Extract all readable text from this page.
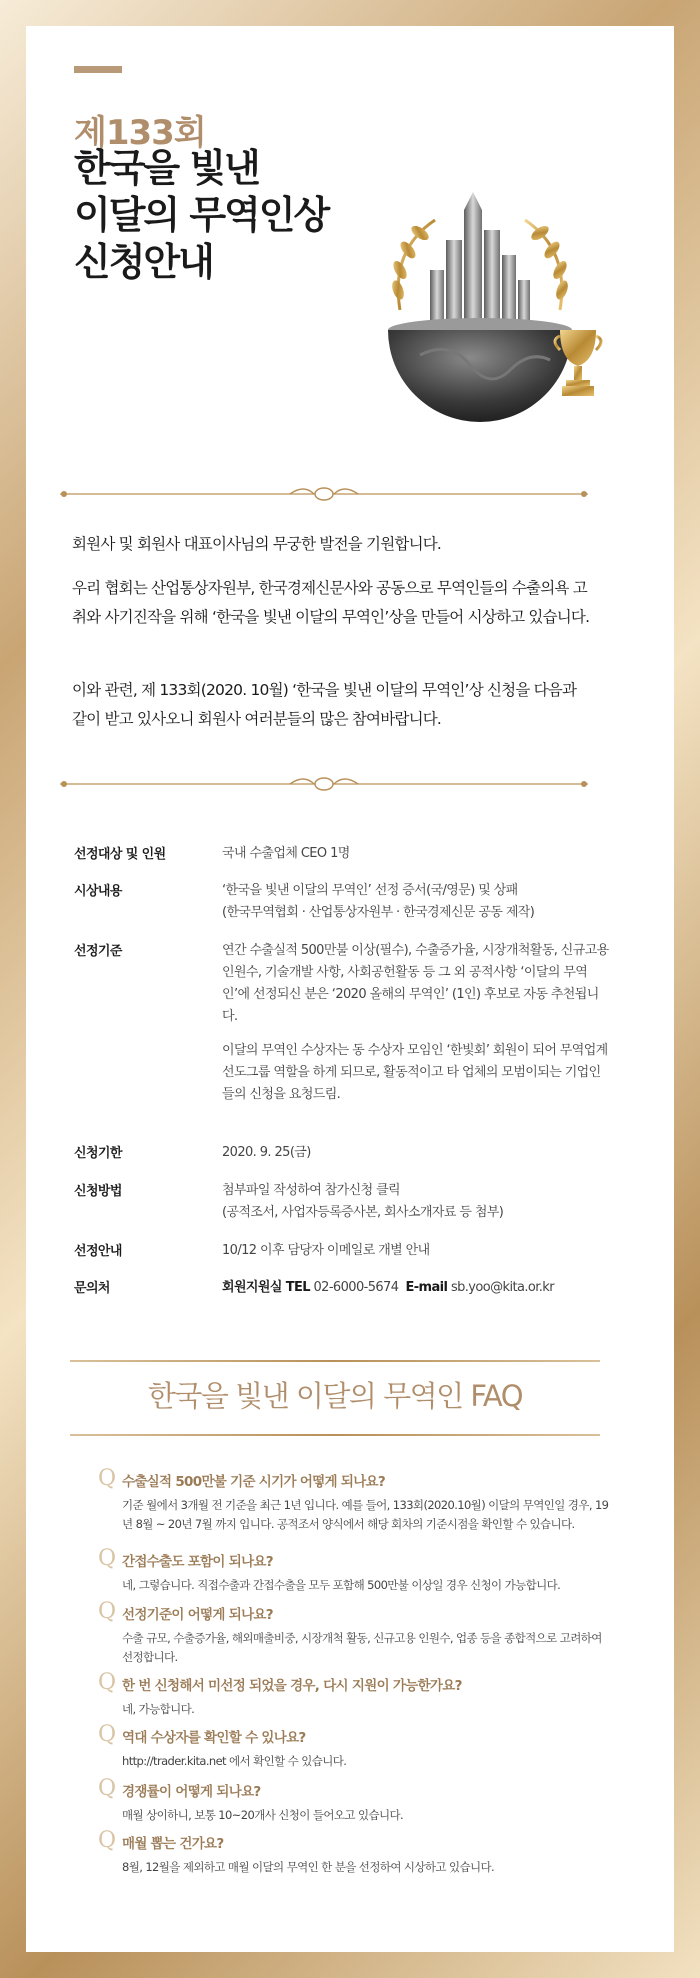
제133회
한국을 빛낸
이달의 무역인상
신청안내

회원사 및 회원사 대표이사님의 무궁한 발전을 기원합니다.

우리 협회는 산업통상자원부, 한국경제신문사와 공동으로 무역인들의 수출의욕 고취와 사기진작을 위해 ‘한국을 빛낸 이달의 무역인’상을 만들어 시상하고 있습니다.

이와 관련, 제 133회(2020. 10월) ‘한국을 빛낸 이달의 무역인’상 신청을 다음과 같이 받고 있사오니 회원사 여러분들의 많은 참여바랍니다.

선정대상 및 인원	국내 수출업체 CEO 1명
시상내용	‘한국을 빛낸 이달의 무역인’ 선정 증서(국/영문) 및 상패
(한국무역협회 · 산업통상자원부 · 한국경제신문 공동 제작)
선정기준	연간 수출실적 500만불 이상(필수), 수출증가율, 시장개척활동, 신규고용 인원수, 기술개발 사항, 사회공헌활동 등 그 외 공적사항 ‘이달의 무역인’에 선정되신 분은 ‘2020 올해의 무역인’ (1인) 후보로 자동 추천됩니다.
이달의 무역인 수상자는 동 수상자 모임인 ‘한빛회’ 회원이 되어 무역업계 선도그룹 역할을 하게 되므로, 활동적이고 타 업체의 모범이되는 기업인들의 신청을 요청드림.
신청기한	2020. 9. 25(금)
신청방법	첨부파일 작성하여 참가신청 클릭
(공적조서, 사업자등록증사본, 회사소개자료 등 첨부)
선정안내	10/12 이후 담당자 이메일로 개별 안내
문의처	회원지원실 TEL 02-6000-5674 E-mail sb.yoo@kita.or.kr
한국을 빛낸 이달의 무역인 FAQ
Q 수출실적 500만불 기준 시기가 어떻게 되나요?
기준 월에서 3개월 전 기준을 최근 1년 입니다. 예를 들어, 133회(2020.10월) 이달의 무역인일 경우, 19년 8월 ~ 20년 7월 까지 입니다. 공적조서 양식에서 해당 회차의 기준시점을 확인할 수 있습니다.
Q 간접수출도 포함이 되나요?
네, 그렇습니다. 직접수출과 간접수출을 모두 포함해 500만불 이상일 경우 신청이 가능합니다.
Q 선정기준이 어떻게 되나요?
수출 규모, 수출증가율, 해외매출비중, 시장개척 활동, 신규고용 인원수, 업종 등을 종합적으로 고려하여 선정합니다.
Q 한 번 신청해서 미선정 되었을 경우, 다시 지원이 가능한가요?
네, 가능합니다.
Q 역대 수상자를 확인할 수 있나요?
http://trader.kita.net 에서 확인할 수 있습니다.
Q 경쟁률이 어떻게 되나요?
매월 상이하니, 보통 10~20개사 신청이 들어오고 있습니다.
Q 매월 뽑는 건가요?
8월, 12월을 제외하고 매월 이달의 무역인 한 분을 선정하여 시상하고 있습니다.
